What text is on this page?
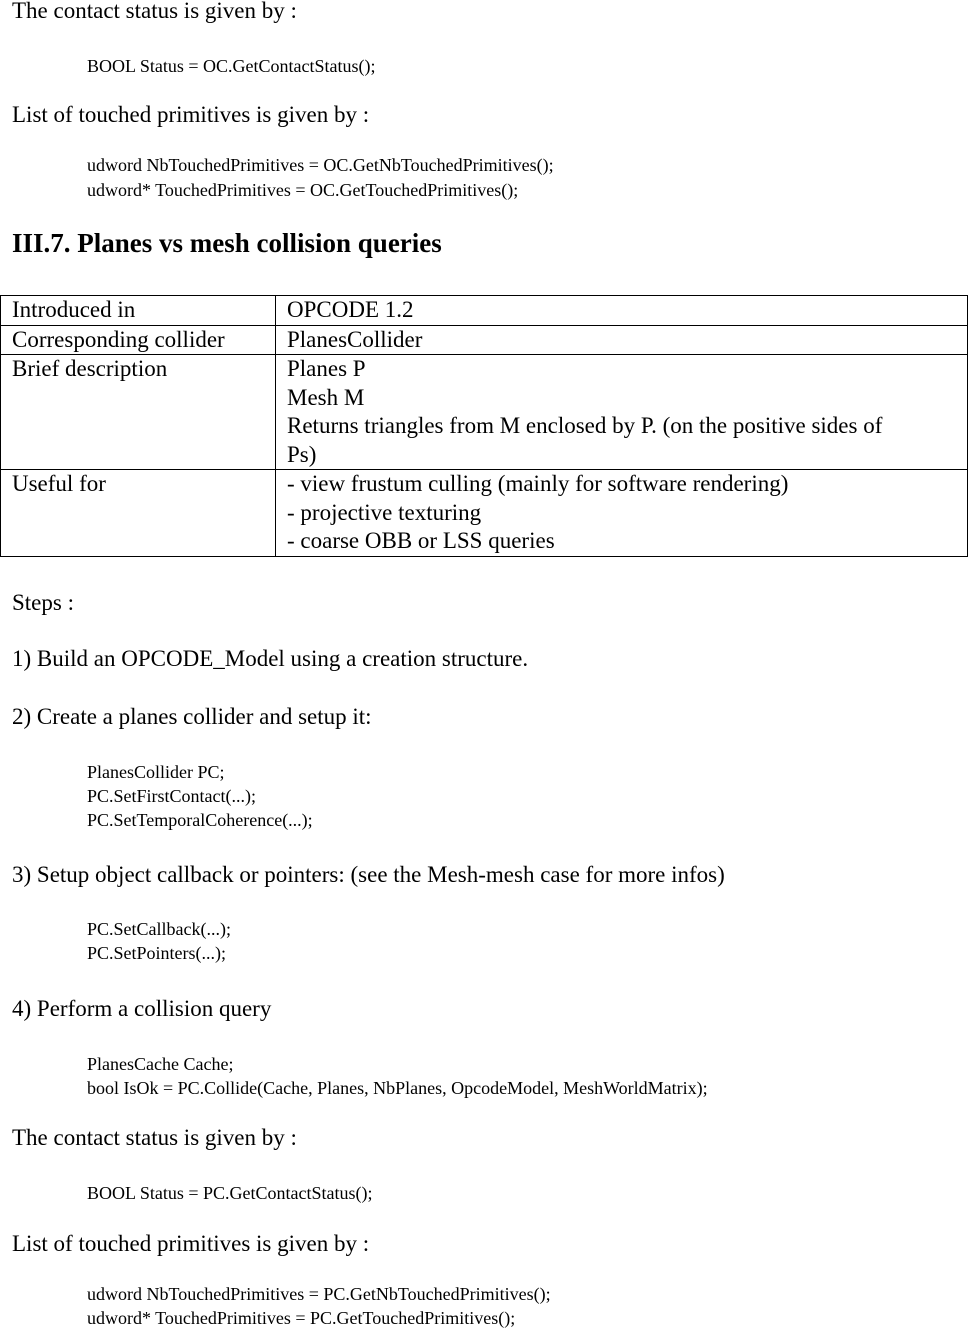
The contact status is given by :

BOOL Status = OC.GetContactStatus();

List of touched primitives is given by :

udword NbTouchedPrimitives = OC.GetNbTouchedPrimitives();

udword* TouchedPrimitives = OC.GetTouchedPrimitives();

III.7. Planes vs mesh collision queries
Introduced in	OPCODE 1.2

Corresponding collider	PlanesCollider

Brief description	Planes P
Mesh M
Returns triangles from M enclosed by P. (on the positive sides of
Ps)

Useful for	- view frustum culling (mainly for software rendering)
- projective texturing
- coarse OBB or LSS queries

Steps :

1) Build an OPCODE_Model using a creation structure.

2) Create a planes collider and setup it:

PlanesCollider PC;

PC.SetFirstContact(...);

PC.SetTemporalCoherence(...);

3) Setup object callback or pointers: (see the Mesh-mesh case for more infos)

PC.SetCallback(...);

PC.SetPointers(...);

4) Perform a collision query

PlanesCache Cache;

bool IsOk = PC.Collide(Cache, Planes, NbPlanes, OpcodeModel, MeshWorldMatrix);

The contact status is given by :

BOOL Status = PC.GetContactStatus();

List of touched primitives is given by :

udword NbTouchedPrimitives = PC.GetNbTouchedPrimitives();

udword* TouchedPrimitives = PC.GetTouchedPrimitives();
